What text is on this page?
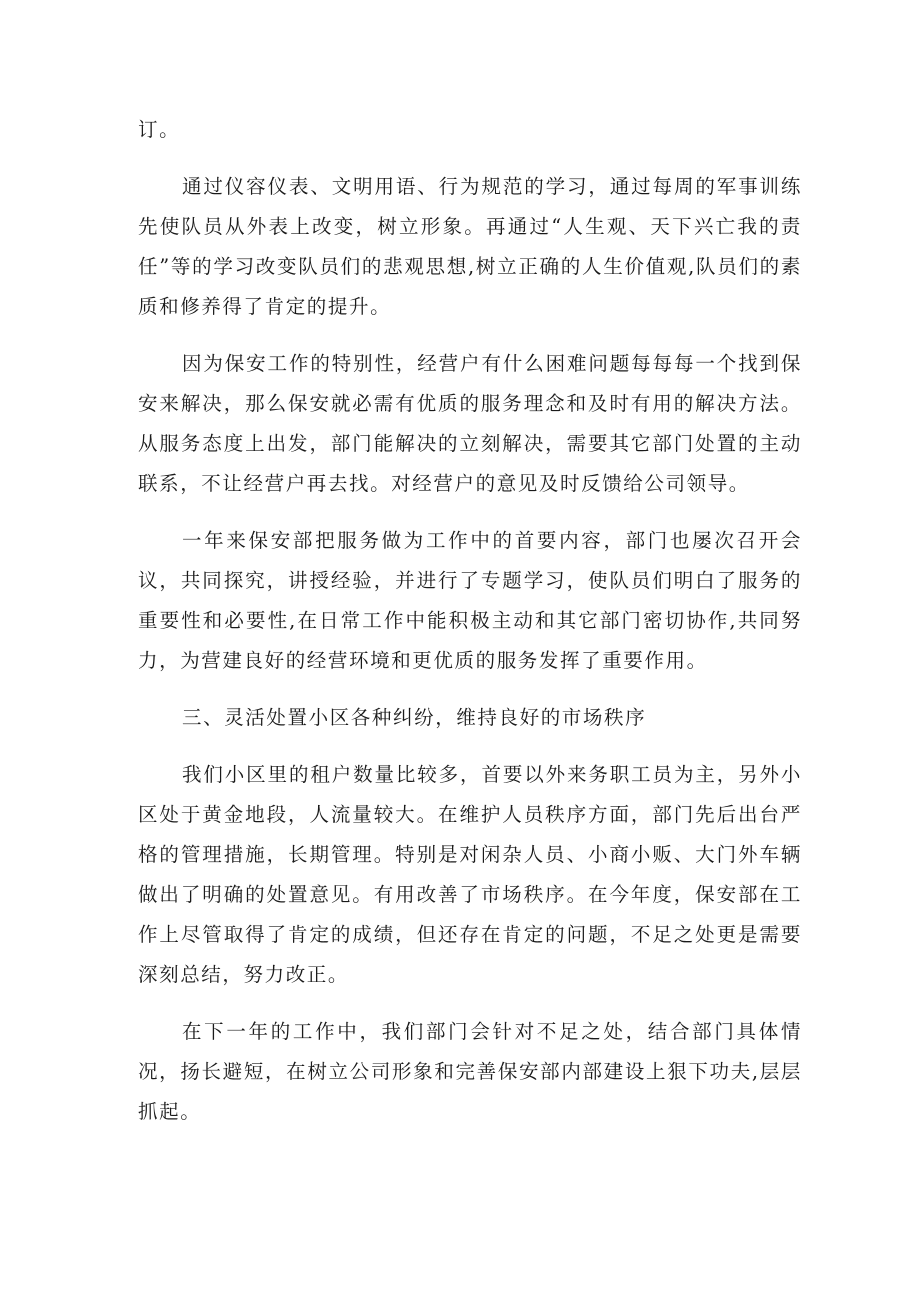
订。

通过仪容仪表、文明用语、行为规范的学习，通过每周的军事训练先使队员从外表上改变，树立形象。再通过“人生观、天下兴亡我的责任”等的学习改变队员们的悲观思想,树立正确的人生价值观,队员们的素质和修养得了肯定的提升。

因为保安工作的特别性，经营户有什么困难问题每每每一个找到保安来解决，那么保安就必需有优质的服务理念和及时有用的解决方法。从服务态度上出发，部门能解决的立刻解决，需要其它部门处置的主动联系，不让经营户再去找。对经营户的意见及时反馈给公司领导。

一年来保安部把服务做为工作中的首要内容，部门也屡次召开会议，共同探究，讲授经验，并进行了专题学习，使队员们明白了服务的重要性和必要性,在日常工作中能积极主动和其它部门密切协作,共同努力，为营建良好的经营环境和更优质的服务发挥了重要作用。

三、灵活处置小区各种纠纷，维持良好的市场秩序

我们小区里的租户数量比较多，首要以外来务职工员为主，另外小区处于黄金地段，人流量较大。在维护人员秩序方面，部门先后出台严格的管理措施，长期管理。特别是对闲杂人员、小商小贩、大门外车辆做出了明确的处置意见。有用改善了市场秩序。在今年度，保安部在工作上尽管取得了肯定的成绩，但还存在肯定的问题，不足之处更是需要深刻总结，努力改正。

在下一年的工作中，我们部门会针对不足之处，结合部门具体情况，扬长避短，在树立公司形象和完善保安部内部建设上狠下功夫,层层抓起。
